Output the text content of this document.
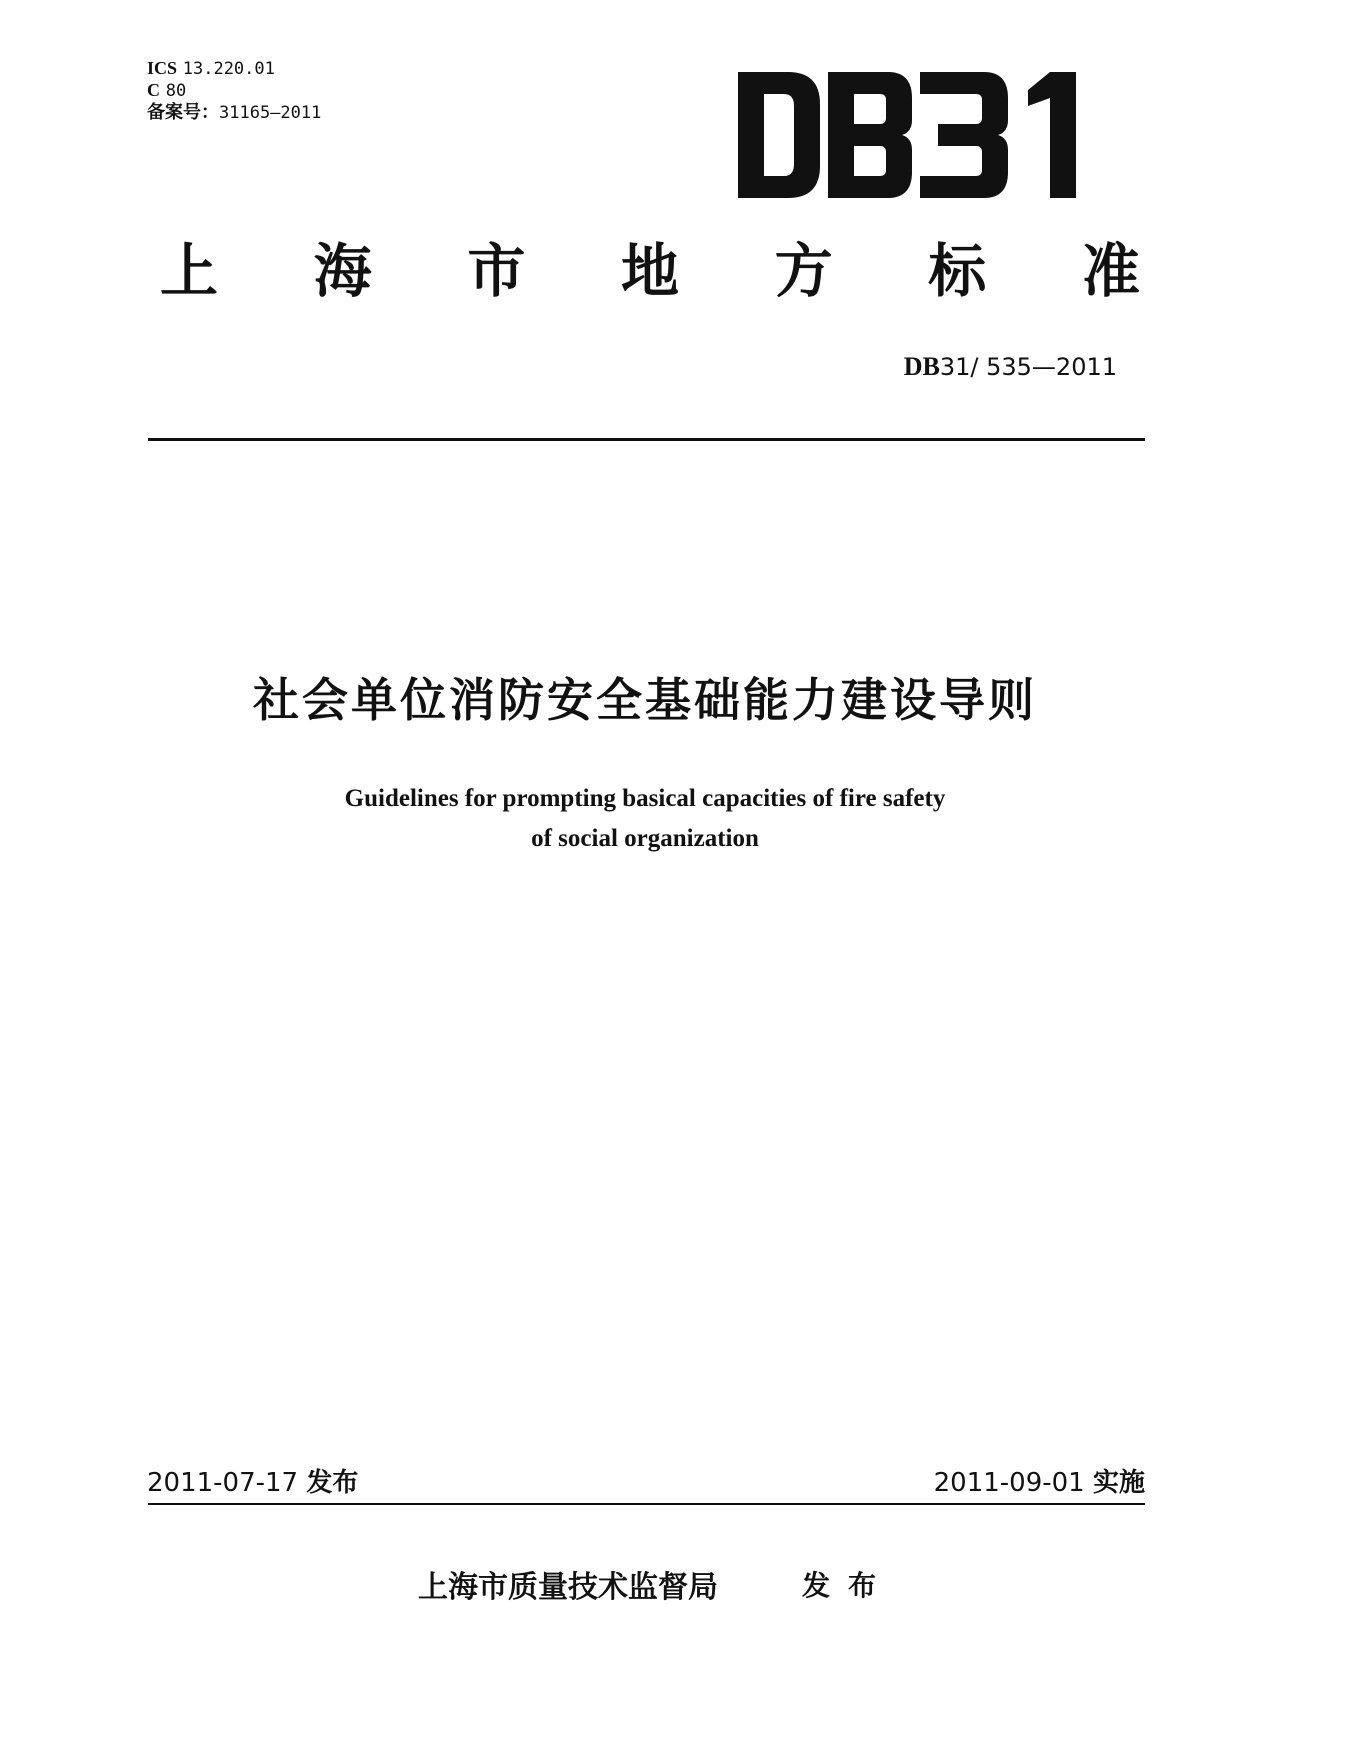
ICS 13.220.01
C 80
备案号：31165—2011
上 海 市 地 方 标 准
DB31/ 535—2011
社会单位消防安全基础能力建设导则
Guidelines for prompting basical capacities of fire safety
of social organization
2011-07-17 发布	2011-09-01 实施
上海市质量技术监督局	发布
